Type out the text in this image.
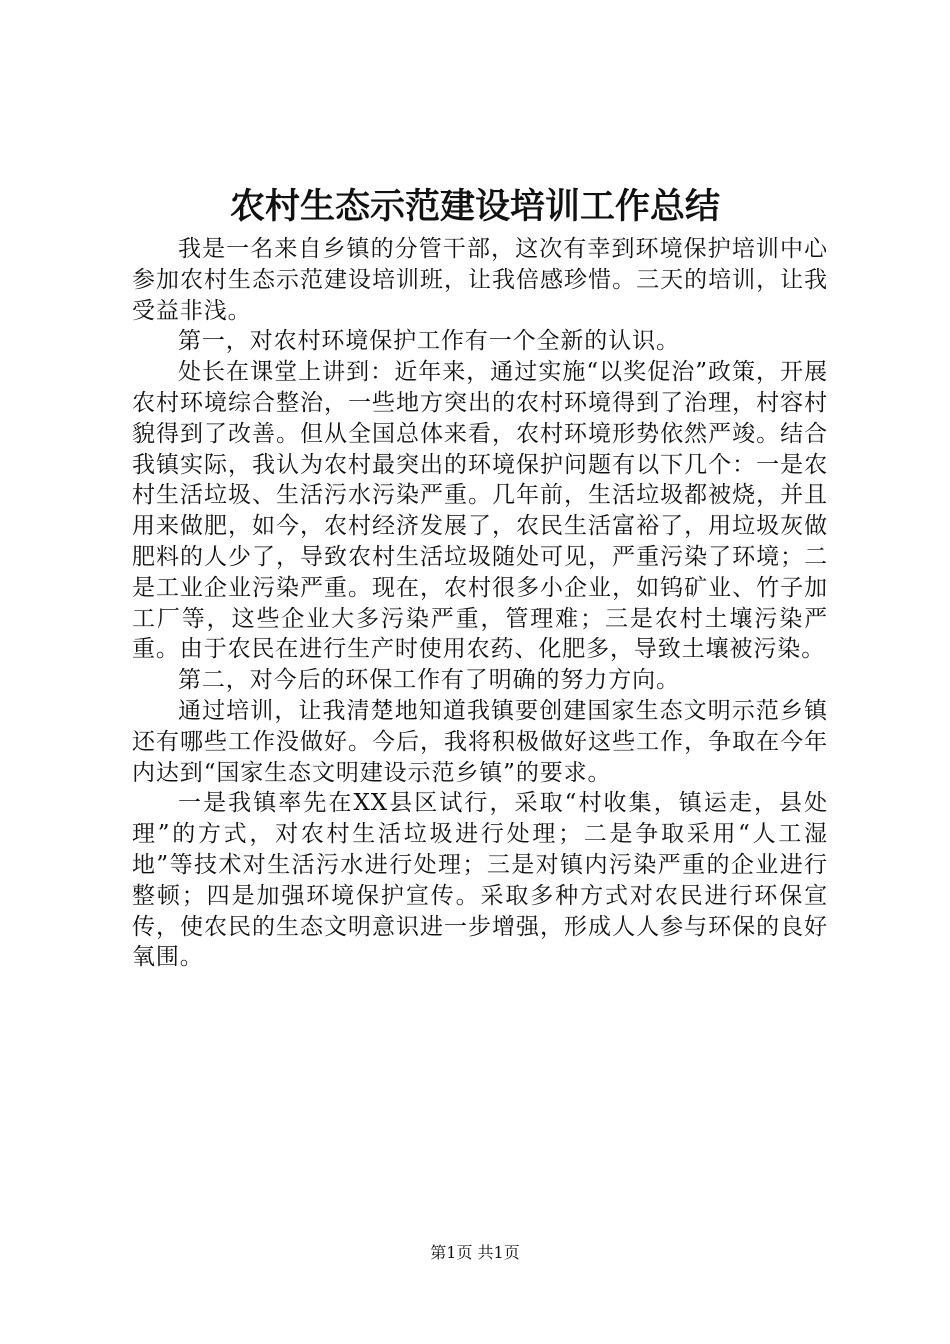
农村生态示范建设培训工作总结

我是一名来自乡镇的分管干部，这次有幸到环境保护培训中心参加农村生态示范建设培训班，让我倍感珍惜。三天的培训，让我受益非浅。

第一，对农村环境保护工作有一个全新的认识。

处长在课堂上讲到：近年来，通过实施“以奖促治”政策，开展农村环境综合整治，一些地方突出的农村环境得到了治理，村容村貌得到了改善。但从全国总体来看，农村环境形势依然严竣。结合我镇实际，我认为农村最突出的环境保护问题有以下几个：一是农村生活垃圾、生活污水污染严重。几年前，生活垃圾都被烧，并且用来做肥，如今，农村经济发展了，农民生活富裕了，用垃圾灰做肥料的人少了，导致农村生活垃圾随处可见，严重污染了环境；二是工业企业污染严重。现在，农村很多小企业，如钨矿业、竹子加工厂等，这些企业大多污染严重，管理难；三是农村土壤污染严重。由于农民在进行生产时使用农药、化肥多，导致土壤被污染。

第二，对今后的环保工作有了明确的努力方向。

通过培训，让我清楚地知道我镇要创建国家生态文明示范乡镇还有哪些工作没做好。今后，我将积极做好这些工作，争取在今年内达到“国家生态文明建设示范乡镇”的要求。

一是我镇率先在XX县区试行，采取“村收集，镇运走，县处理”的方式，对农村生活垃圾进行处理；二是争取采用“人工湿地”等技术对生活污水进行处理；三是对镇内污染严重的企业进行整顿；四是加强环境保护宣传。采取多种方式对农民进行环保宣传，使农民的生态文明意识进一步增强，形成人人参与环保的良好氧围。

第1页 共1页
